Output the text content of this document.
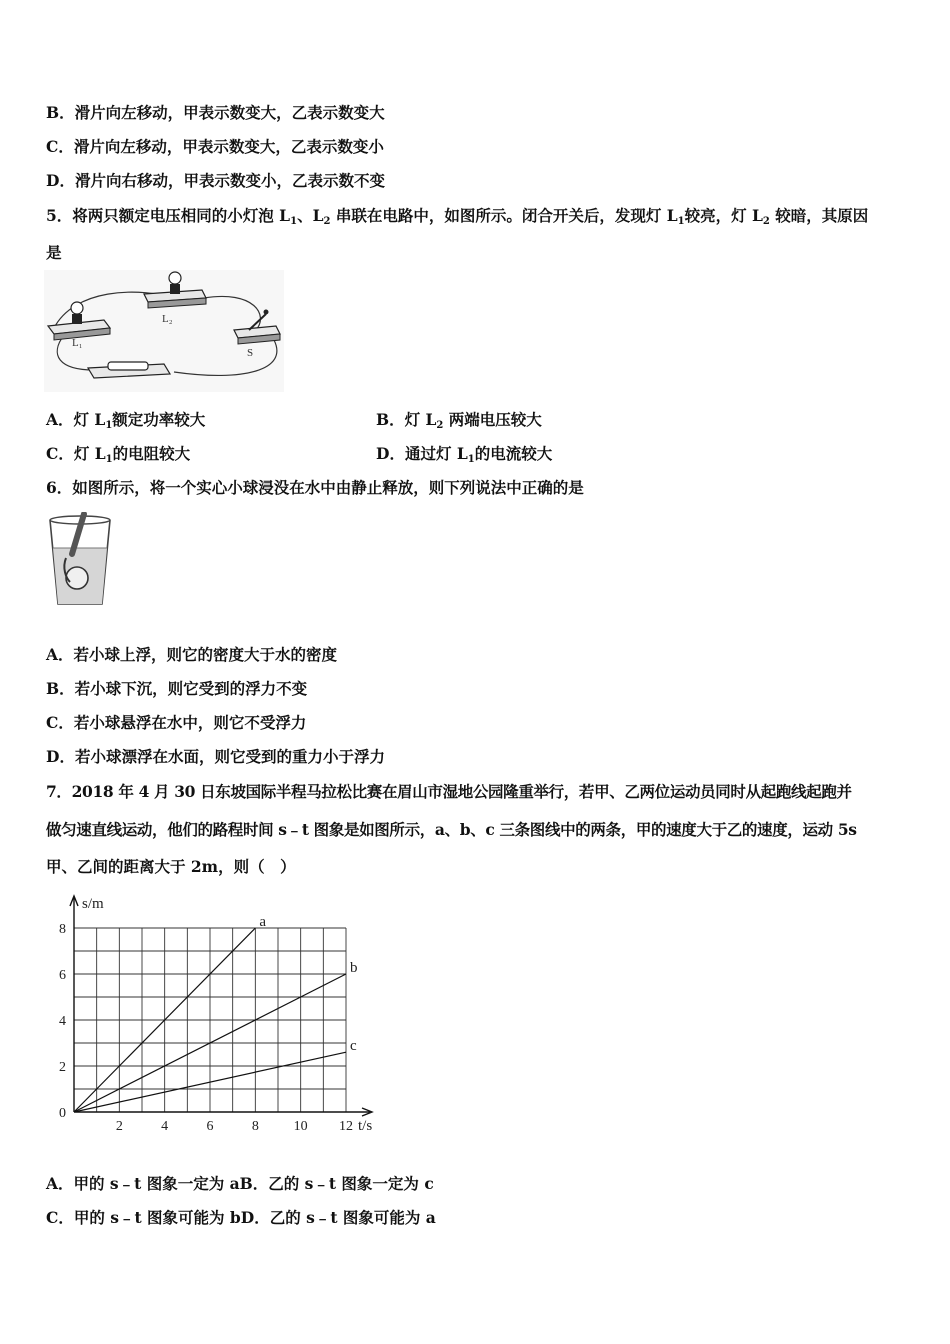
B．滑片向左移动，甲表示数变大，乙表示数变大
C．滑片向左移动，甲表示数变大，乙表示数变小
D．滑片向右移动，甲表示数变小，乙表示数不变
5．将两只额定电压相同的小灯泡 $L_1$、$L_2$ 串联在电路中，如图所示。闭合开关后，发现灯 $L_1$较亮，灯 $L_2$ 较暗，其原因
是
L₁
L₂
S
A．灯 $L_1$额定功率较大	B．灯 $L_2$ 两端电压较大
C．灯 $L_1$的电阻较大	D．通过灯 $L_1$的电流较大
6．如图所示，将一个实心小球浸没在水中由静止释放，则下列说法中正确的是
A．若小球上浮，则它的密度大于水的密度
B．若小球下沉，则它受到的浮力不变
C．若小球悬浮在水中，则它不受浮力
D．若小球漂浮在水面，则它受到的重力小于浮力
7．2018 年 4 月 30 日东坡国际半程马拉松比赛在眉山市湿地公园隆重举行，若甲、乙两位运动员同时从起跑线起跑并
做匀速直线运动，他们的路程时间 s﹣t 图象是如图所示，a、b、c 三条图线中的两条，甲的速度大于乙的速度，运动 5s
甲、乙间的距离大于 2m，则（　）
s/m
t/s
a
b
c
0
2
4
6
8
2	4	6	8 10 12
A．甲的 s﹣t 图象一定为 aB．乙的 s﹣t 图象一定为 c
C．甲的 s﹣t 图象可能为 bD．乙的 s﹣t 图象可能为 a
